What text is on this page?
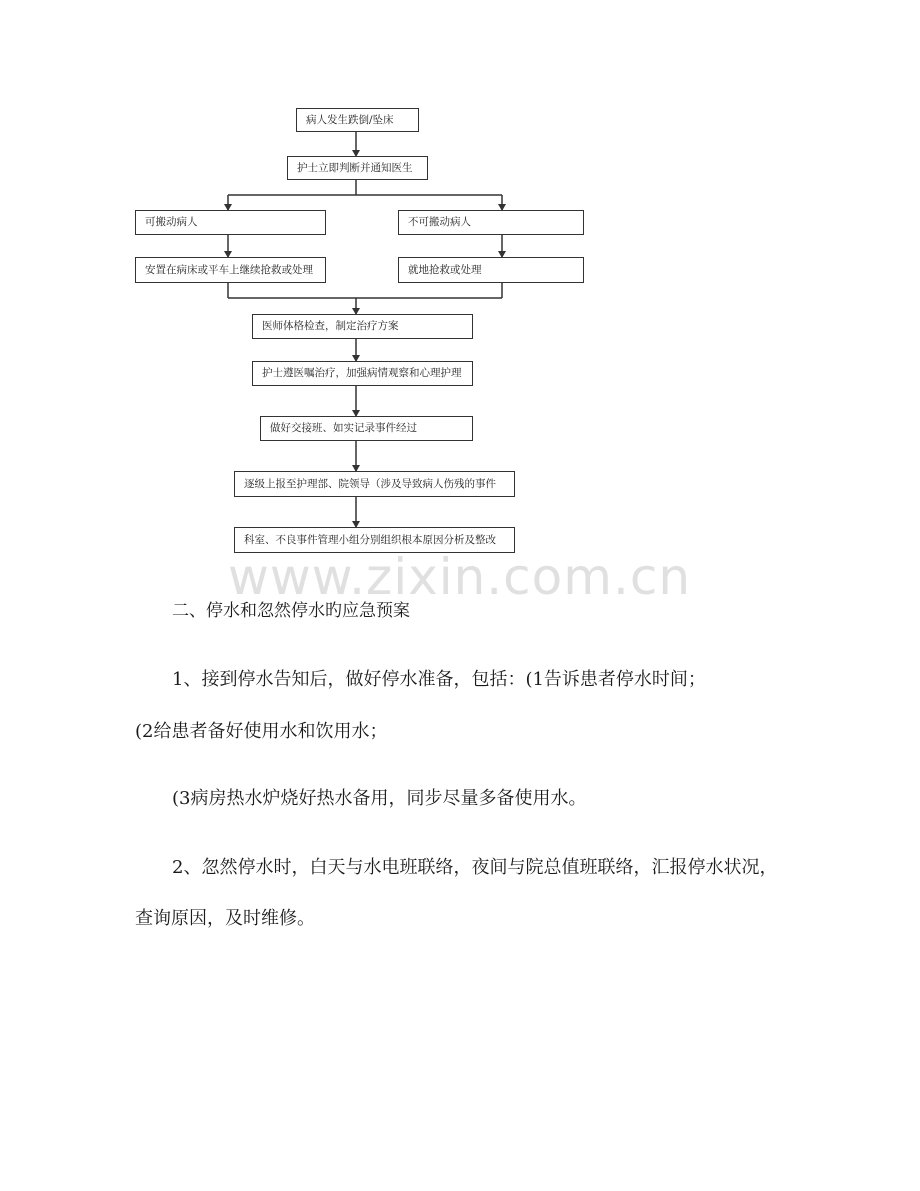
病人发生跌倒/坠床
护士立即判断并通知医生
可搬动病人	不可搬动病人
安置在病床或平车上继续抢救或处理	就地抢救或处理
医师体格检查，制定治疗方案
护士遵医嘱治疗，加强病情观察和心理护理
做好交接班、如实记录事件经过
逐级上报至护理部、院领导（涉及导致病人伤残的事件
科室、不良事件管理小组分别组织根本原因分析及整改
www.zixin.com.cn
二、停水和忽然停水旳应急预案
1、接到停水告知后，做好停水准备，包括：(1告诉患者停水时间；
(2给患者备好使用水和饮用水；
(3病房热水炉烧好热水备用，同步尽量多备使用水。
2、忽然停水时，白天与水电班联络，夜间与院总值班联络，汇报停水状况，
查询原因，及时维修。
